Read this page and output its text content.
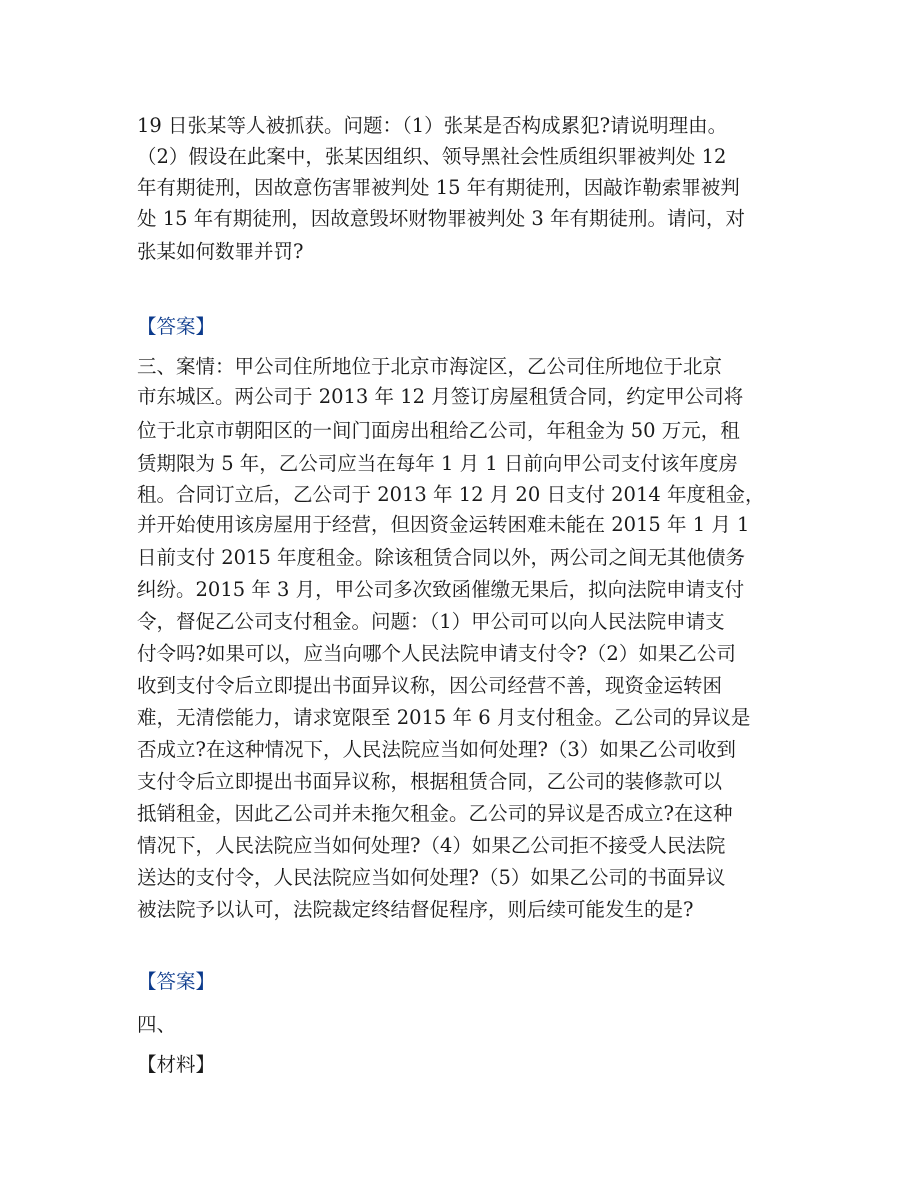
19 日张某等人被抓获。问题：（1）张某是否构成累犯?请说明理由。
（2）假设在此案中，张某因组织、领导黑社会性质组织罪被判处 12
年有期徒刑，因故意伤害罪被判处 15 年有期徒刑，因敲诈勒索罪被判
处 15 年有期徒刑，因故意毁坏财物罪被判处 3 年有期徒刑。请问，对
张某如何数罪并罚?
【答案】
三、案情：甲公司住所地位于北京市海淀区，乙公司住所地位于北京
市东城区。两公司于 2013 年 12 月签订房屋租赁合同，约定甲公司将
位于北京市朝阳区的一间门面房出租给乙公司，年租金为 50 万元，租
赁期限为 5 年，乙公司应当在每年 1 月 1 日前向甲公司支付该年度房
租。合同订立后，乙公司于 2013 年 12 月 20 日支付 2014 年度租金，
并开始使用该房屋用于经营，但因资金运转困难未能在 2015 年 1 月 1
日前支付 2015 年度租金。除该租赁合同以外，两公司之间无其他债务
纠纷。2015 年 3 月，甲公司多次致函催缴无果后，拟向法院申请支付
令，督促乙公司支付租金。问题：（1）甲公司可以向人民法院申请支
付令吗?如果可以，应当向哪个人民法院申请支付令?（2）如果乙公司
收到支付令后立即提出书面异议称，因公司经营不善，现资金运转困
难，无清偿能力，请求宽限至 2015 年 6 月支付租金。乙公司的异议是
否成立?在这种情况下，人民法院应当如何处理?（3）如果乙公司收到
支付令后立即提出书面异议称，根据租赁合同，乙公司的装修款可以
抵销租金，因此乙公司并未拖欠租金。乙公司的异议是否成立?在这种
情况下，人民法院应当如何处理?（4）如果乙公司拒不接受人民法院
送达的支付令，人民法院应当如何处理?（5）如果乙公司的书面异议
被法院予以认可，法院裁定终结督促程序，则后续可能发生的是?
【答案】
四、
【材料】
